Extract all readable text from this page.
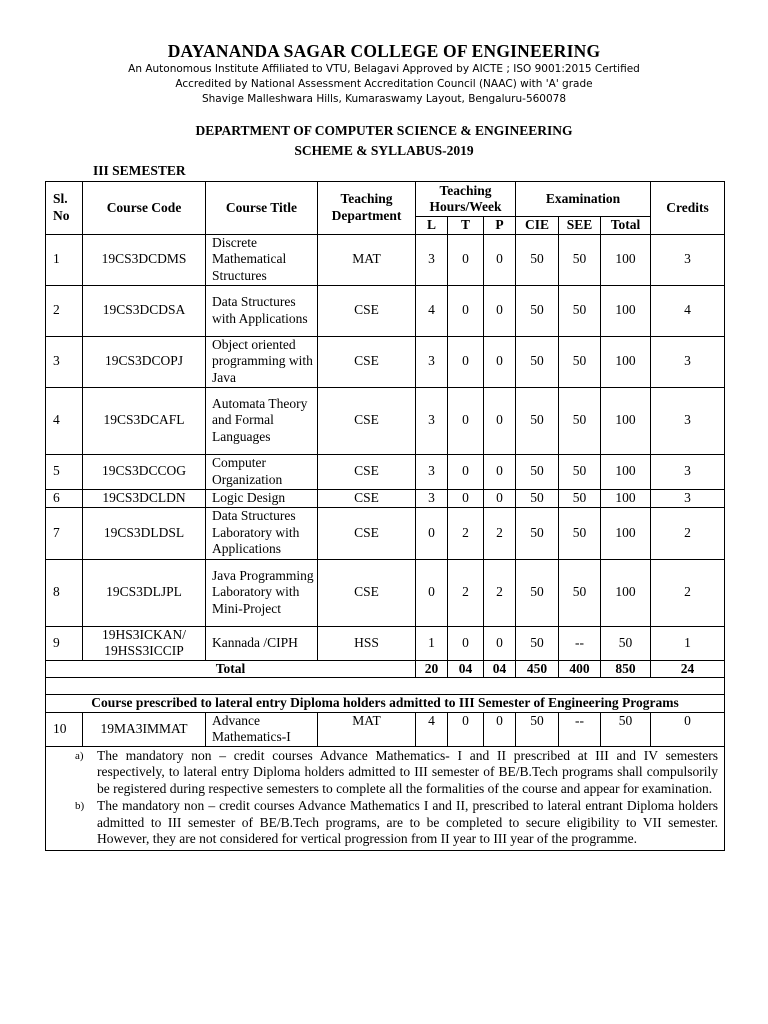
DAYANANDA SAGAR COLLEGE OF ENGINEERING
An Autonomous Institute Affiliated to VTU, Belagavi Approved by AICTE ; ISO 9001:2015 Certified
Accredited by National Assessment Accreditation Council (NAAC) with 'A' grade
Shavige Malleshwara Hills, Kumaraswamy Layout, Bengaluru-560078
DEPARTMENT OF COMPUTER SCIENCE & ENGINEERING
SCHEME & SYLLABUS-2019
III SEMESTER
Sl. No	Course Code	Course Title	Teaching Department	Teaching Hours/Week			Examination			Credits
				L	T	P	CIE	SEE	Total	
1	19CS3DCDMS	Discrete Mathematical Structures	MAT	3	0	0	50	50	100	3
2	19CS3DCDSA	Data Structures with Applications	CSE	4	0	0	50	50	100	4
3	19CS3DCOPJ	Object oriented programming with Java	CSE	3	0	0	50	50	100	3
4	19CS3DCAFL	Automata Theory and Formal Languages	CSE	3	0	0	50	50	100	3
5	19CS3DCCOG	Computer Organization	CSE	3	0	0	50	50	100	3
6	19CS3DCLDN	Logic Design	CSE	3	0	0	50	50	100	3
7	19CS3DLDSL	Data Structures Laboratory with Applications	CSE	0	2	2	50	50	100	2
8	19CS3DLJPL	Java Programming Laboratory with Mini-Project	CSE	0	2	2	50	50	100	2
9	19HS3ICKAN/ 19HSS3ICCIP	Kannada /CIPH	HSS	1	0	0	50	--	50	1
Total				20	04	04	450	400	850	24

Course prescribed to lateral entry Diploma holders admitted to III Semester of Engineering Programs										
10	19MA3IMMAT	Advance Mathematics-I	MAT	4	0	0	50	--	50	0

a) The mandatory non – credit courses Advance Mathematics- I and II prescribed at III and IV semesters respectively, to lateral entry Diploma holders admitted to III semester of BE/B.Tech programs shall compulsorily be registered during respective semesters to complete all the formalities of the course and appear for examination.
b) The mandatory non – credit courses Advance Mathematics I and II, prescribed to lateral entrant Diploma holders admitted to III semester of BE/B.Tech programs, are to be completed to secure eligibility to VII semester. However, they are not considered for vertical progression from II year to III year of the programme.										
